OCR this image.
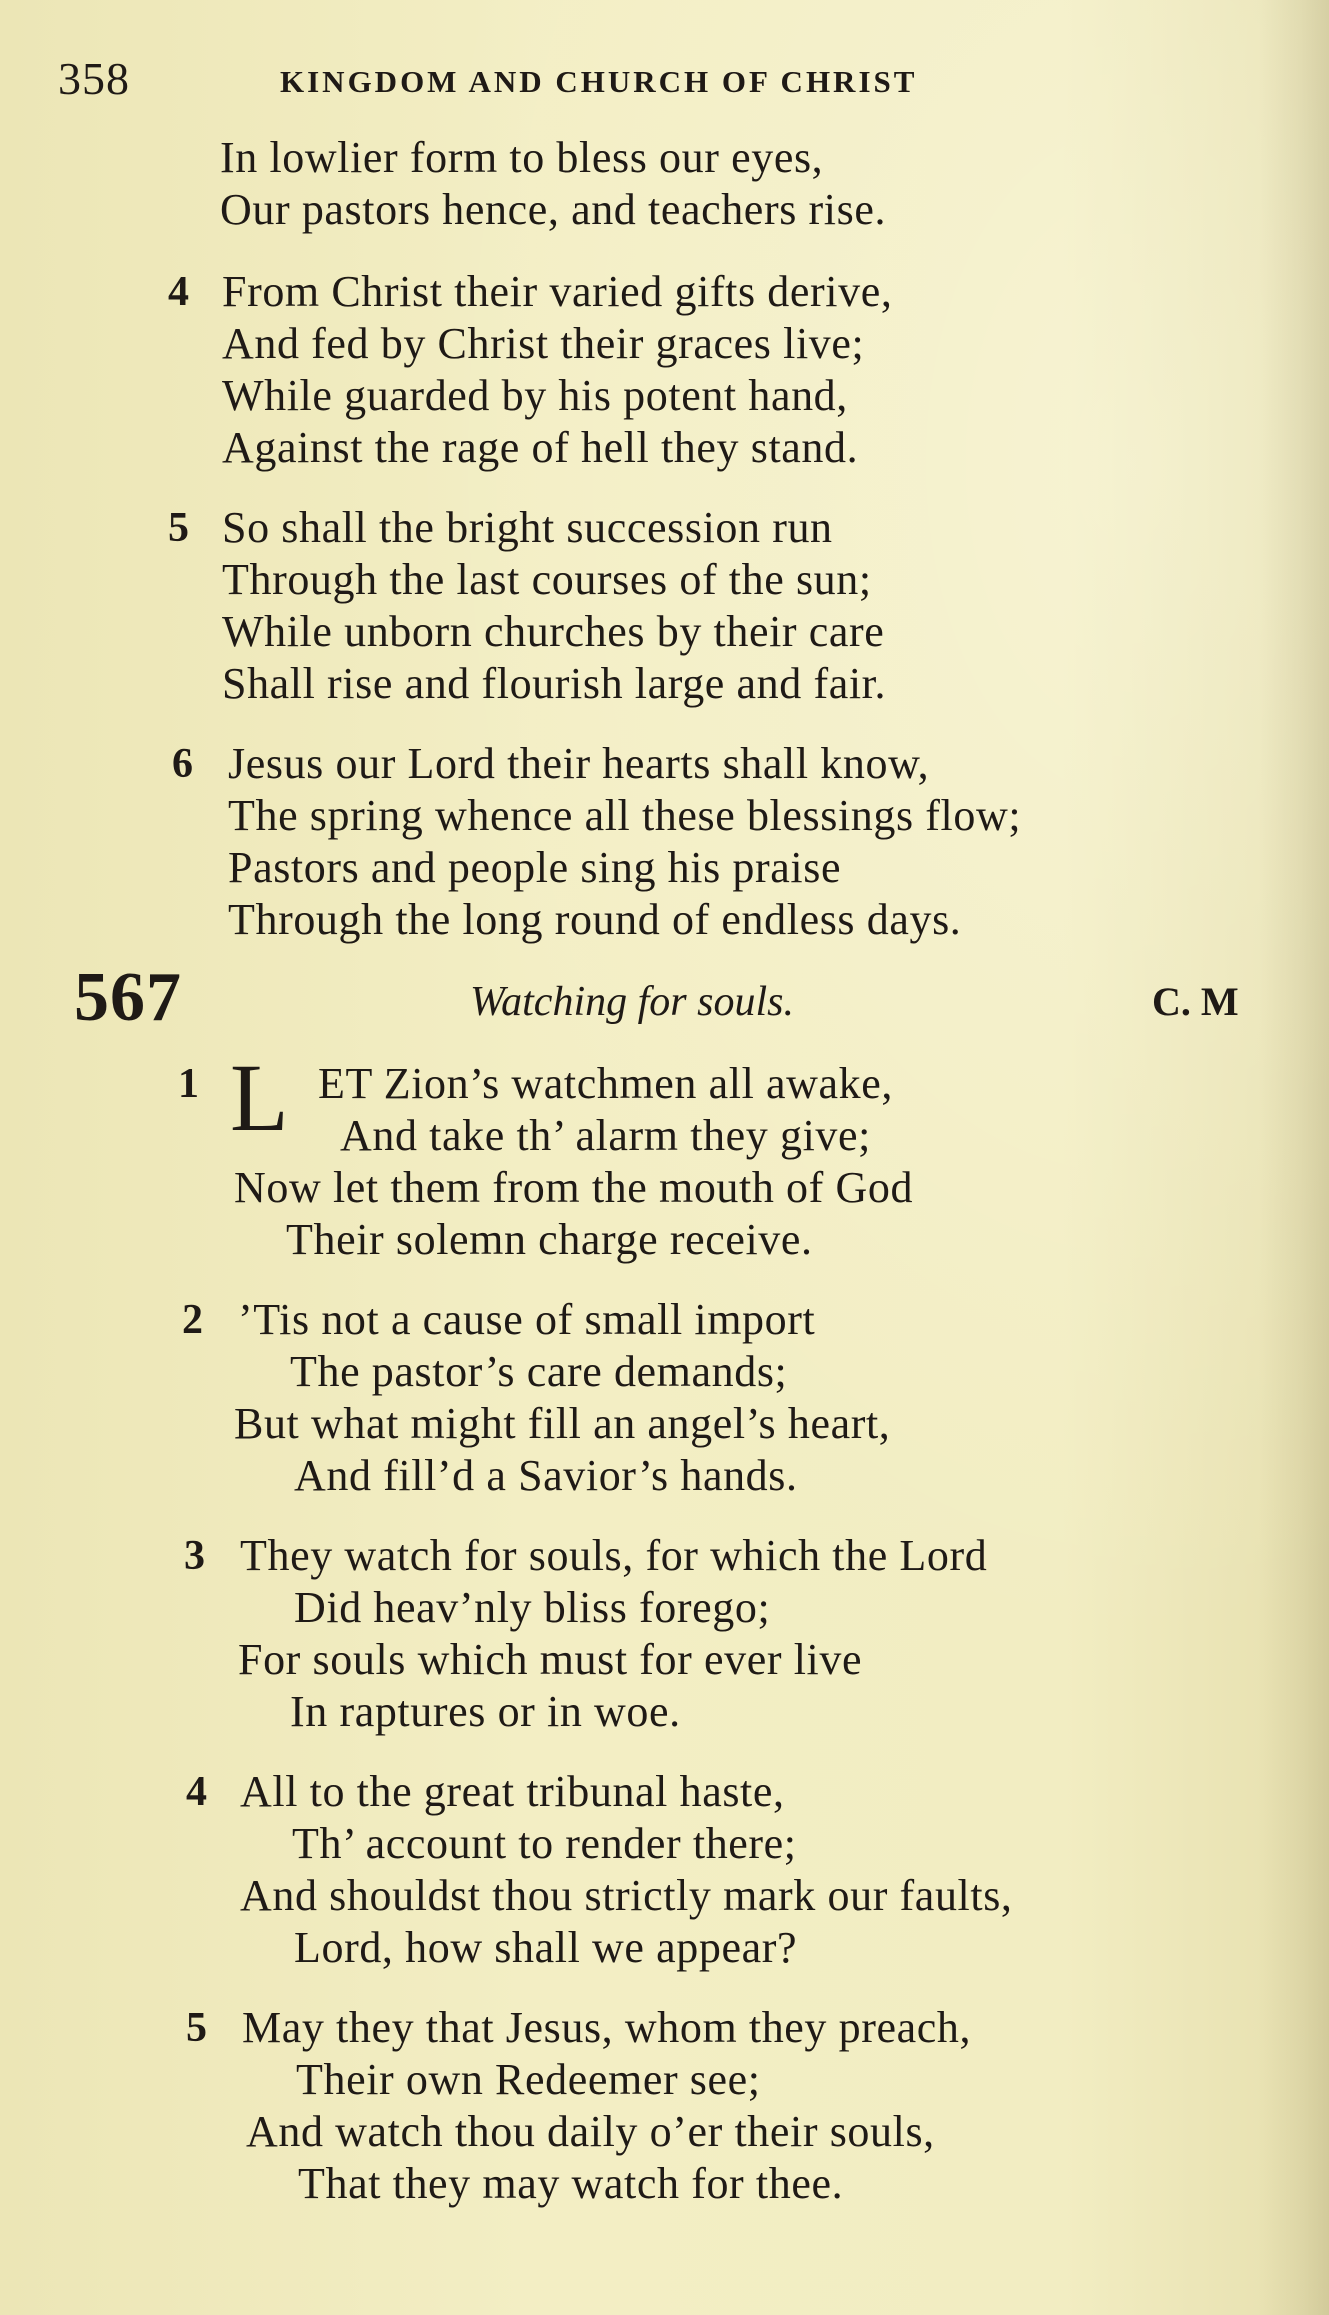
358	KINGDOM AND CHURCH OF CHRIST
In lowlier form to bless our eyes,
Our pastors hence, and teachers rise.
4 From Christ their varied gifts derive,
And fed by Christ their graces live;
While guarded by his potent hand,
Against the rage of hell they stand.
5 So shall the bright succession run
Through the last courses of the sun;
While unborn churches by their care
Shall rise and flourish large and fair.
6 Jesus our Lord their hearts shall know,
The spring whence all these blessings flow;
Pastors and people sing his praise
Through the long round of endless days.
567	Watching for souls.	C. M
1 L ET Zion’s watchmen all awake,
And take th’ alarm they give;
Now let them from the mouth of God
Their solemn charge receive.
2 ’Tis not a cause of small import
The pastor’s care demands;
But what might fill an angel’s heart,
And fill’d a Savior’s hands.
3 They watch for souls, for which the Lord
Did heav’nly bliss forego;
For souls which must for ever live
In raptures or in woe.
4 All to the great tribunal haste,
Th’ account to render there;
And shouldst thou strictly mark our faults,
Lord, how shall we appear?
5 May they that Jesus, whom they preach,
Their own Redeemer see;
And watch thou daily o’er their souls,
That they may watch for thee.
